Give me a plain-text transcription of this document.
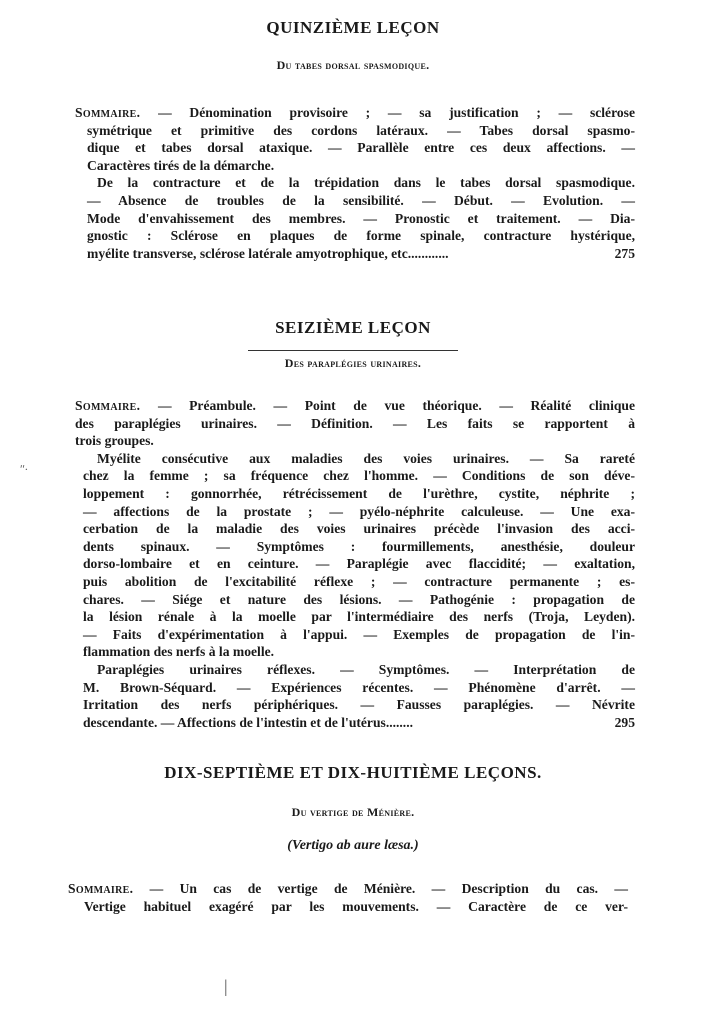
QUINZIÈME LEÇON

Du tabes dorsal spasmodique.

Sommaire. — Dénomination provisoire ; — sa justification ; — sclérose
symétrique et primitive des cordons latéraux. — Tabes dorsal spasmo-
dique et tabes dorsal ataxique. — Parallèle entre ces deux affections. —
Caractères tirés de la démarche.
De la contracture et de la trépidation dans le tabes dorsal spasmodique.
— Absence de troubles de la sensibilité. — Début. — Evolution. —
Mode d'envahissement des membres. — Pronostic et traitement. — Dia-
gnostic : Sclérose en plaques de forme spinale, contracture hystérique,
myélite transverse, sclérose latérale amyotrophique, etc............	275
SEIZIÈME LEÇON

Des paraplégies urinaires.

Sommaire. — Préambule. — Point de vue théorique. — Réalité clinique
des paraplégies urinaires. — Définition. — Les faits se rapportent à
trois groupes.
Myélite consécutive aux maladies des voies urinaires. — Sa rareté
chez la femme ; sa fréquence chez l'homme. — Conditions de son déve-
loppement : gonnorrhée, rétrécissement de l'urèthre, cystite, néphrite ;
— affections de la prostate ; — pyélo-néphrite calculeuse. — Une exa-
cerbation de la maladie des voies urinaires précède l'invasion des acci-
dents spinaux. — Symptômes : fourmillements, anesthésie, douleur
dorso-lombaire et en ceinture. — Paraplégie avec flaccidité; — exaltation,
puis abolition de l'excitabilité réflexe ; — contracture permanente ; es-
chares. — Siége et nature des lésions. — Pathogénie : propagation de
la lésion rénale à la moelle par l'intermédiaire des nerfs (Troja, Leyden).
— Faits d'expérimentation à l'appui. — Exemples de propagation de l'in-
flammation des nerfs à la moelle.
Paraplégies urinaires réflexes. — Symptômes. — Interprétation de
M. Brown-Séquard. — Expériences récentes. — Phénomène d'arrêt. —
Irritation des nerfs périphériques. — Fausses paraplégies. — Névrite
descendante. — Affections de l'intestin et de l'utérus........	295
DIX-SEPTIÈME ET DIX-HUITIÈME LEÇONS.

Du vertige de Ménière.

(Vertigo ab aure læsa.)

Sommaire. — Un cas de vertige de Ménière. — Description du cas. —
Vertige habituel exagéré par les mouvements. — Caractère de ce ver-
ʺ·
|
